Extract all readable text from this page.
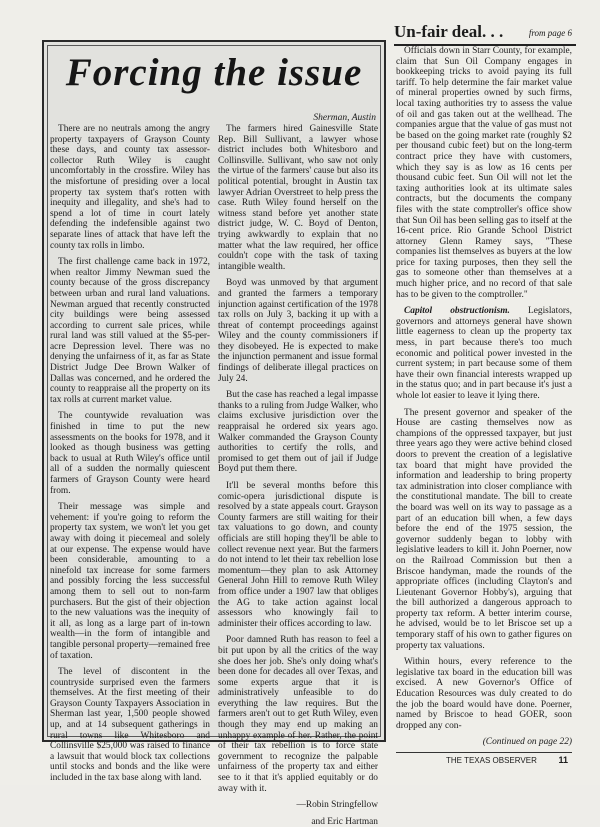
Forcing the issue
Sherman, Austin

There are no neutrals among the angry property taxpayers of Grayson County these days, and county tax assessor-collector Ruth Wiley is caught uncomfortably in the crossfire. Wiley has the misfortune of presiding over a local property tax system that's rotten with inequity and illegality, and she's had to spend a lot of time in court lately defending the indefensible against two separate lines of attack that have left the county tax rolls in limbo.

The first challenge came back in 1972, when realtor Jimmy Newman sued the county because of the gross discrepancy between urban and rural land valuations. Newman argued that recently constructed city buildings were being assessed according to current sale prices, while rural land was still valued at the $5-per-acre Depression level. There was no denying the unfairness of it, as far as State District Judge Dee Brown Walker of Dallas was concerned, and he ordered the county to reappraise all the property on its tax rolls at current market value.

The countywide revaluation was finished in time to put the new assessments on the books for 1978, and it looked as though business was getting back to usual at Ruth Wiley's office until all of a sudden the normally quiescent farmers of Grayson County were heard from.

Their message was simple and vehement: if you're going to reform the property tax system, we won't let you get away with doing it piecemeal and solely at our expense. The expense would have been considerable, amounting to a ninefold tax increase for some farmers and possibly forcing the less successful among them to sell out to non-farm purchasers. But the gist of their objection to the new valuations was the inequity of it all, as long as a large part of in-town wealth—in the form of intangible and tangible personal property—remained free of taxation.

The level of discontent in the countryside surprised even the farmers themselves. At the first meeting of their Grayson County Taxpayers Association in Sherman last year, 1,500 people showed up, and at 14 subsequent gatherings in rural towns like Whitesboro and Collinsville $25,000 was raised to finance a lawsuit that would block tax collections until stocks and bonds and the like were included in the tax base along with land.

The farmers hired Gainesville State Rep. Bill Sullivant, a lawyer whose district includes both Whitesboro and Collinsville. Sullivant, who saw not only the virtue of the farmers' cause but also its political potential, brought in Austin tax lawyer Adrian Overstreet to help press the case. Ruth Wiley found herself on the witness stand before yet another state district judge, W. C. Boyd of Denton, trying awkwardly to explain that no matter what the law required, her office couldn't cope with the task of taxing intangible wealth.

Boyd was unmoved by that argument and granted the farmers a temporary injunction against certification of the 1978 tax rolls on July 3, backing it up with a threat of contempt proceedings against Wiley and the county commissioners if they disobeyed. He is expected to make the injunction permanent and issue formal findings of deliberate illegal practices on July 24.

But the case has reached a legal impasse thanks to a ruling from Judge Walker, who claims exclusive jurisdiction over the reappraisal he ordered six years ago. Walker commanded the Grayson County authorities to certify the rolls, and promised to get them out of jail if Judge Boyd put them there.

It'll be several months before this comic-opera jurisdictional dispute is resolved by a state appeals court. Grayson County farmers are still waiting for their tax valuations to go down, and county officials are still hoping they'll be able to collect revenue next year. But the farmers do not intend to let their tax rebellion lose momentum—they plan to ask Attorney General John Hill to remove Ruth Wiley from office under a 1907 law that obliges the AG to take action against local assessors who knowingly fail to administer their offices according to law.

Poor damned Ruth has reason to feel a bit put upon by all the critics of the way she does her job. She's only doing what's been done for decades all over Texas, and some experts argue that it is administratively unfeasible to do everything the law requires. But the farmers aren't out to get Ruth Wiley, even though they may end up making an unhappy example of her. Rather, the point of their tax rebellion is to force state government to recognize the palpable unfairness of the property tax and either see to it that it's applied equitably or do away with it.

—Robin Stringfellow

and Eric Hartman

Un-fair deal. . .	from page 6

Officials down in Starr County, for example, claim that Sun Oil Company engages in bookkeeping tricks to avoid paying its full tariff. To help determine the fair market value of mineral properties owned by such firms, local taxing authorities try to assess the value of oil and gas taken out at the wellhead. The companies argue that the value of gas must not be based on the going market rate (roughly $2 per thousand cubic feet) but on the long-term contract price they have with customers, which they say is as low as 16 cents per thousand cubic feet. Sun Oil will not let the taxing authorities look at its ultimate sales contracts, but the documents the company files with the state comptroller's office show that Sun Oil has been selling gas to itself at the 16-cent price. Rio Grande School District attorney Glenn Ramey says, "These companies list themselves as buyers at the low price for taxing purposes, then they sell the gas to someone other than themselves at a much higher price, and no record of that sale has to be given to the comptroller."

Capitol obstructionism. Legislators, governors and attorneys general have shown little eagerness to clean up the property tax mess, in part because there's too much economic and political power invested in the current system; in part because some of them have their own financial interests wrapped up in the status quo; and in part because it's just a whole lot easier to leave it lying there.

The present governor and speaker of the House are casting themselves now as champions of the oppressed taxpayer, but just three years ago they were active behind closed doors to prevent the creation of a legislative tax board that might have provided the information and leadership to bring property tax administration into closer compliance with the constitutional mandate. The bill to create the board was well on its way to passage as a part of an education bill when, a few days before the end of the 1975 session, the governor suddenly began to lobby with legislative leaders to kill it. John Poerner, now on the Railroad Commission but then a Briscoe handyman, made the rounds of the appropriate offices (including Clayton's and Lieutenant Governor Hobby's), arguing that the bill authorized a dangerous approach to property tax reform. A better interim course, he advised, would be to let Briscoe set up a temporary staff of his own to gather figures on property tax valuations.

Within hours, every reference to the legislative tax board in the education bill was excised. A new Governor's Office of Education Resources was duly created to do the job the board would have done. Poerner, named by Briscoe to head GOER, soon dropped any con-

(Continued on page 22)

THE TEXAS OBSERVER 11
